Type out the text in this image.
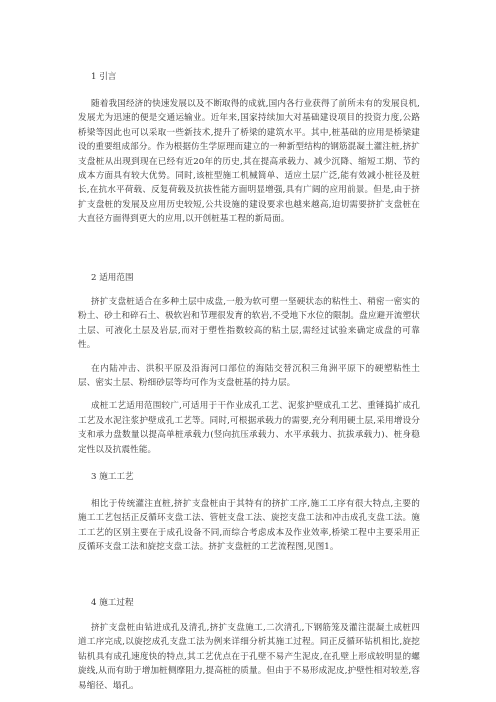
1 引言

随着我国经济的快速发展以及不断取得的成就,国内各行业获得了前所未有的发展良机,发展尤为迅速的便是交通运输业。近年来,国家持续加大对基础建设项目的投资力度,公路桥梁等因此也可以采取一些新技术,提升了桥梁的建筑水平。其中,桩基础的应用是桥梁建设的重要组成部分。作为根据仿生学原理而建立的一种新型结构的钢筋混凝土灌注桩,挤扩支盘桩从出现到现在已经有近20年的历史,其在提高承载力、减少沉降、缩短工期、节约成本方面具有较大优势。同时,该桩型施工机械简单、适应土层广泛,能有效减小桩径及桩长,在抗水平荷载、反复荷载及抗拔性能方面明显增强,具有广阔的应用前景。但是,由于挤扩支盘桩的发展及应用历史较短,公共设施的建设要求也越来越高,迫切需要挤扩支盘桩在大直径方面得到更大的应用,以开创桩基工程的新局面。

2 适用范围

挤扩支盘桩适合在多种土层中成盘,一般为软可塑一坚硬状态的粘性土、稍密一密实的粉土、砂土和碎石土、极软岩和节理很发育的软岩,不受地下水位的限制。盘应避开流塑状土层、可液化土层及岩层,而对于塑性指数较高的粘土层,需经过试验来确定成盘的可靠性。

在内陆冲击、洪积平原及沿海河口部位的海陆交替沉积三角洲平原下的硬塑粘性土层、密实土层、粉细砂层等均可作为支盘桩基的持力层。

成桩工艺适用范围较广,可适用于干作业成孔工艺、泥浆护壁成孔工艺、重锤捣扩成孔工艺及水泥注浆护壁成孔工艺等。同时,可根据承载力的需要,充分利用硬土层,采用增设分支和承力盘数量以提高单桩承载力(竖向抗压承载力、水平承载力、抗拔承载力)、桩身稳定性以及抗震性能。

3 施工工艺

相比于传统灌注直桩,挤扩支盘桩由于其特有的挤扩工序,施工工序有很大特点,主要的施工工艺包括正反循环支盘工法、管桩支盘工法、旋挖支盘工法和冲击成孔支盘工法。施工工艺的区别主要在于成孔设备不同,而综合考虑成本及作业效率,桥梁工程中主要采用正反循环支盘工法和旋挖支盘工法。挤扩支盘桩的工艺流程图,见图1。

4 施工过程

挤扩支盘桩由钻进成孔及清孔,挤扩支盘施工,二次清孔,下钢筋笼及灌注混凝土成桩四道工序完成,以旋挖成孔支盘工法为例来详细分析其施工过程。同正反循环钻机相比,旋挖钻机具有成孔速度快的特点,其工艺优点在于孔壁不易产生泥皮,在孔壁上形成较明显的螺旋线,从而有助于增加桩侧摩阻力,提高桩的质量。但由于不易形成泥皮,护壁性相对较差,容易缩径、塌孔。
